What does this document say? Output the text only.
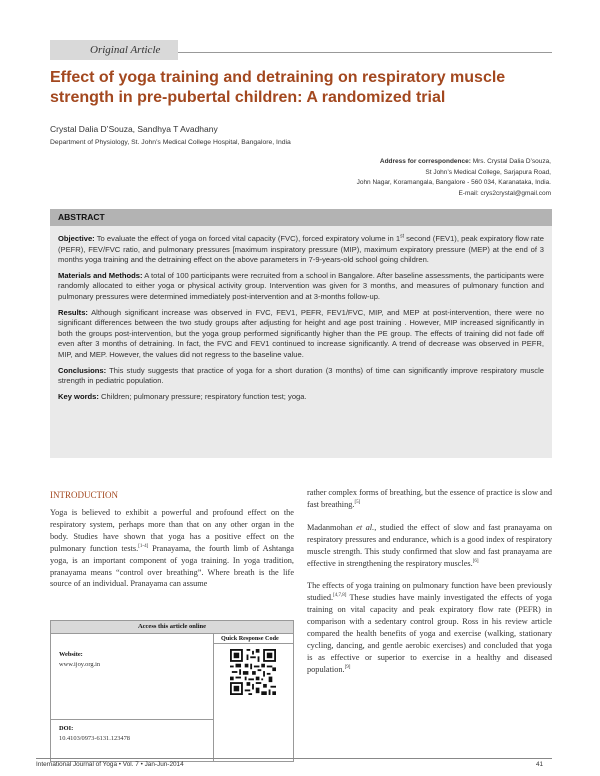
Original Article
Effect of yoga training and detraining on respiratory muscle strength in pre-pubertal children: A randomized trial
Crystal Dalia D’Souza, Sandhya T Avadhany
Department of Physiology, St. John’s Medical College Hospital, Bangalore, India
Address for correspondence: Mrs. Crystal Dalia D’souza,
St John’s Medical College, Sarjapura Road,
John Nagar, Koramangala, Bangalore - 560 034, Karanataka, India.
E-mail: crys2crystal@gmail.com
ABSTRACT

Objective: To evaluate the effect of yoga on forced vital capacity (FVC), forced expiratory volume in 1st second (FEV1), peak expiratory flow rate (PEFR), FEV/FVC ratio, and pulmonary pressures [maximum inspiratory pressure (MIP), maximum expiratory pressure (MEP) at the end of 3 months yoga training and the detraining effect on the above parameters in 7-9-years-old school going children.

Materials and Methods: A total of 100 participants were recruited from a school in Bangalore. After baseline assessments, the participants were randomly allocated to either yoga or physical activity group. Intervention was given for 3 months, and measures of pulmonary function and pulmonary pressures were determined immediately post-intervention and at 3-months follow-up.

Results: Although significant increase was observed in FVC, FEV1, PEFR, FEV1/FVC, MIP, and MEP at post-intervention, there were no significant differences between the two study groups after adjusting for height and age post training . However, MIP increased significantly in both the groups post-intervention, but the yoga group performed significantly higher than the PE group. The effects of training did not fade off even after 3 months of detraining. In fact, the FVC and FEV1 continued to increase significantly. A trend of decrease was observed in PEFR, MIP, and MEP. However, the values did not regress to the baseline value.

Conclusions: This study suggests that practice of yoga for a short duration (3 months) of time can significantly improve respiratory muscle strength in pediatric population.

Key words: Children; pulmonary pressure; respiratory function test; yoga.

INTRODUCTION

Yoga is believed to exhibit a powerful and profound effect on the respiratory system, perhaps more than that on any other organ in the body. Studies have shown that yoga has a positive effect on the pulmonary function tests.[1-4] Pranayama, the fourth limb of Ashtanga yoga, is an important component of yoga training. In yoga tradition, pranayama means “control over breathing”. Where breath is the life source of an individual. Pranayama can assume

rather complex forms of breathing, but the essence of practice is slow and fast breathing.[5]

Madanmohan et al., studied the effect of slow and fast pranayama on respiratory pressures and endurance, which is a good index of respiratory muscle strength. This study confirmed that slow and fast pranayama are effective in strengthening the respiratory muscles.[6]

The effects of yoga training on pulmonary function have been previously studied.[4,7,8] These studies have mainly investigated the effects of yoga training on vital capacity and peak expiratory flow rate (PEFR) in comparison with a sedentary control group. Ross in his review article compared the health benefits of yoga and exercise (walking, stationary cycling, dancing, and gentle aerobic exercises) and concluded that yoga is as effective or superior to exercise in a healthy and diseased population.[9]

Access this article online
Quick Response Code
Website:
www.ijoy.org.in
DOI:
10.4103/0973-6131.123478
International Journal of Yoga • Vol. 7 • Jan-Jun-2014	41
